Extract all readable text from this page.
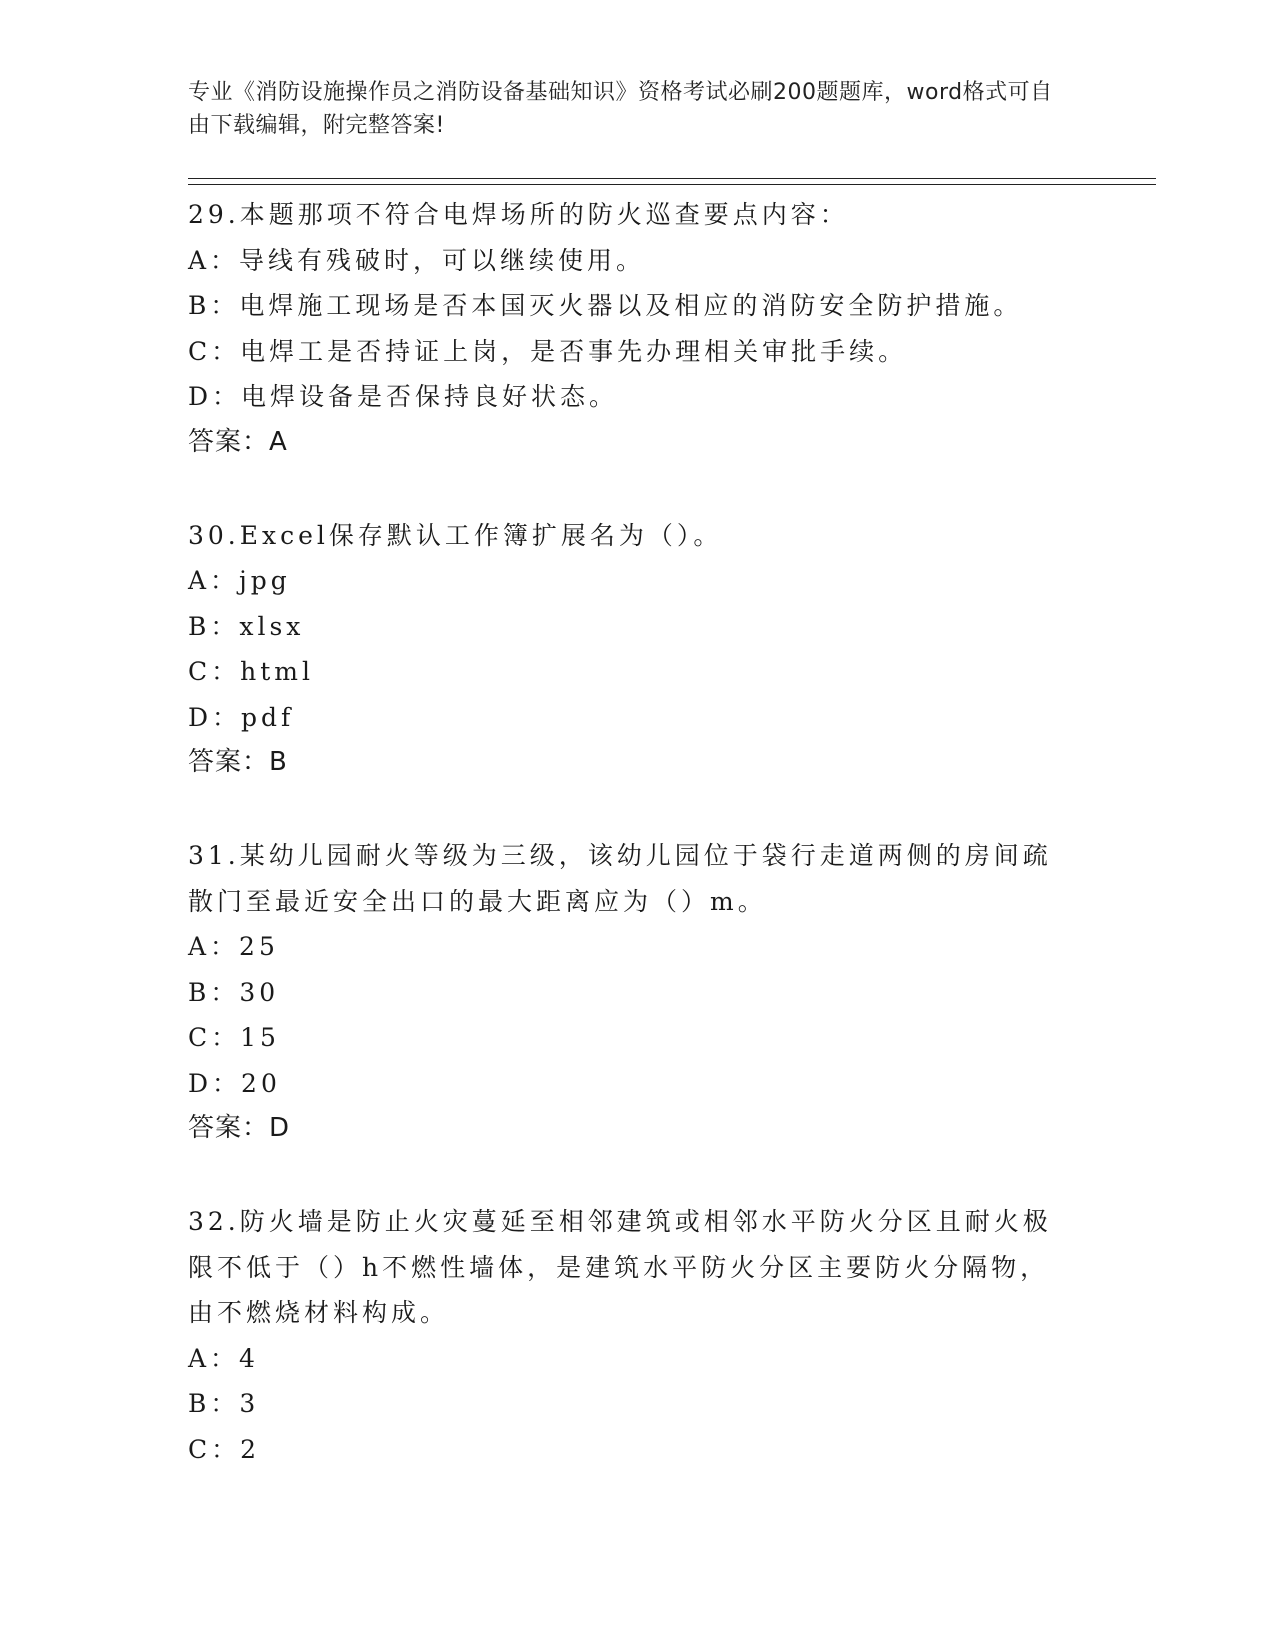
专业《消防设施操作员之消防设备基础知识》资格考试必刷200题题库，word格式可自由下载编辑，附完整答案!
29.本题那项不符合电焊场所的防火巡查要点内容：
A：导线有残破时，可以继续使用。
B：电焊施工现场是否本国灭火器以及相应的消防安全防护措施。
C：电焊工是否持证上岗，是否事先办理相关审批手续。
D：电焊设备是否保持良好状态。
答案：A
30.Excel保存默认工作簿扩展名为（）。
A：jpg
B：xlsx
C：html
D：pdf
答案：B
31.某幼儿园耐火等级为三级，该幼儿园位于袋行走道两侧的房间疏散门至最近安全出口的最大距离应为（）m。
A：25
B：30
C：15
D：20
答案：D
32.防火墙是防止火灾蔓延至相邻建筑或相邻水平防火分区且耐火极限不低于（）h不燃性墙体，是建筑水平防火分区主要防火分隔物，由不燃烧材料构成。
A：4
B：3
C：2
